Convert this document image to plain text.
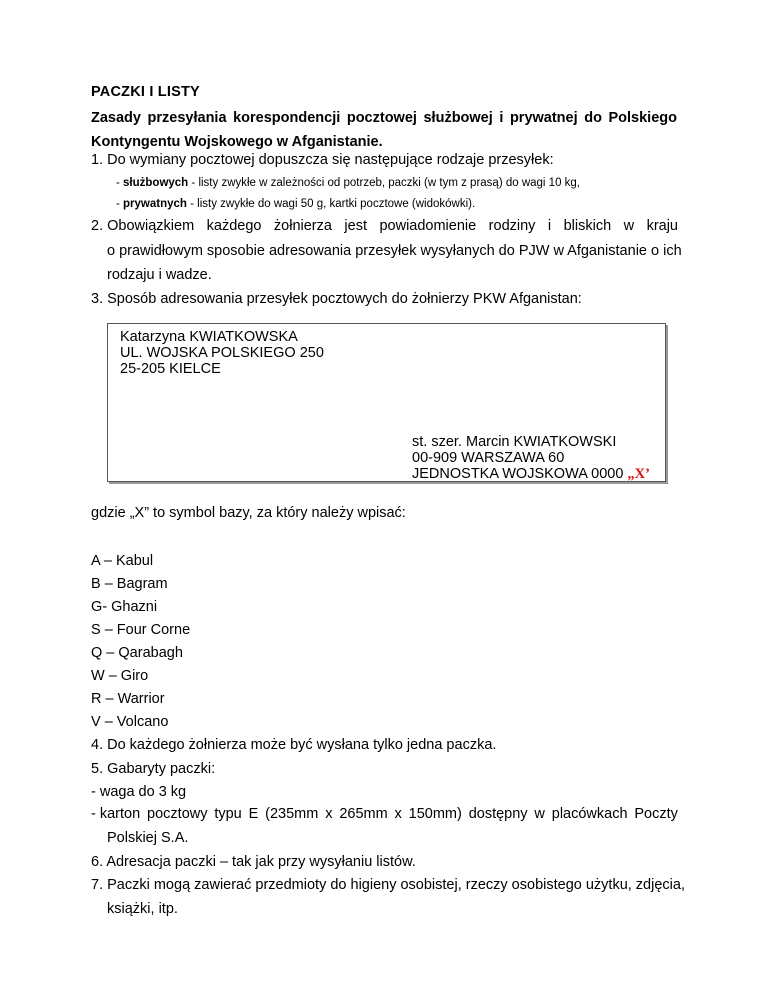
PACZKI I LISTY
Zasady przesyłania korespondencji pocztowej służbowej i prywatnej do Polskiego
Kontyngentu Wojskowego w Afganistanie.
1. Do wymiany pocztowej dopuszcza się następujące rodzaje przesyłek:
- służbowych - listy zwykłe w zależności od potrzeb, paczki (w tym z prasą) do wagi 10 kg,
- prywatnych - listy zwykłe do wagi 50 g, kartki pocztowe (widokówki).
2. Obowiązkiem każdego żołnierza jest powiadomienie rodziny i bliskich w kraju
o prawidłowym sposobie adresowania przesyłek wysyłanych do PJW w Afganistanie o ich
rodzaju i wadze.
3. Sposób adresowania przesyłek pocztowych do żołnierzy PKW Afganistan:
Katarzyna KWIATKOWSKA
UL. WOJSKA POLSKIEGO 250
25-205 KIELCE
st. szer. Marcin KWIATKOWSKI
00-909 WARSZAWA 60
JEDNOSTKA WOJSKOWA 0000 „X’
gdzie „X” to symbol bazy, za który należy wpisać:
A – Kabul
B – Bagram
G- Ghazni
S – Four Corne
Q – Qarabagh
W – Giro
R – Warrior
V – Volcano
4. Do każdego żołnierza może być wysłana tylko jedna paczka.
5. Gabaryty paczki:
- waga do 3 kg
- karton pocztowy typu E (235mm x 265mm x 150mm) dostępny w placówkach Poczty
Polskiej S.A.
6. Adresacja paczki – tak jak przy wysyłaniu listów.
7. Paczki mogą zawierać przedmioty do higieny osobistej, rzeczy osobistego użytku, zdjęcia,
książki, itp.
